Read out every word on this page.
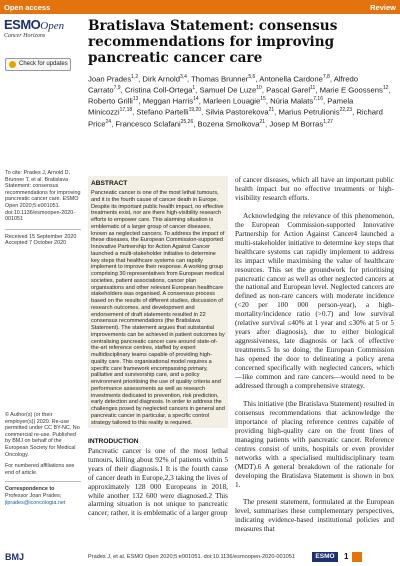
Open access	Review
ESMOOpen
Cancer Horizons
Check for updates
Bratislava Statement: consensus recommendations for improving pancreatic cancer care
Joan Prades$^{1,2}$, Dirk Arnold$^{3,4}$, Thomas Brunner$^{5,6}$, Antonella Cardone$^{7,8}$, Alfredo Carrato$^{7,9}$, Cristina Coll-Ortega$^1$, Samuel De Luze$^{10}$, Pascal Garel$^{11}$, Marie E Goossens$^{12}$, Roberto Grilli$^{13}$, Meggan Harris$^{14}$, Marleen Louagie$^{15}$, Núria Malats$^{7,16}$, Pamela Minicozzi$^{17,18}$, Stefano Partelli$^{19,20}$, Silvia Pastorekova$^{21}$, Marius Petrulionis$^{22,23}$, Richard Price$^{24}$, Francesco Sclafani$^{25,26}$, Bozena Smolkova$^{21}$, Josep M Borras$^{1,27}$

To cite: Prades J, Arnold D, Brunner T, et al. Bratislava Statement: consensus recommendations for improving pancreatic cancer care. ESMO Open 2020;5:e001051. doi:10.1136/esmoopen-2020-001051

Received 15 September 2020 Accepted 7 October 2020

© Author(s) (or their employer(s)) 2020. Re-use permitted under CC BY-NC. No commercial re-use. Published by BMJ on behalf of the European Society for Medical Oncology.

For numbered affiliations see end of article.

Correspondence to
Professor Joan Prades;
jlprades@iconcologia.net
ABSTRACT

Pancreatic cancer is one of the most lethal tumours, and it is the fourth cause of cancer death in Europe. Despite its important public health impact, no effective treatments exist, nor are there high-visibility research efforts to empower care. This alarming situation is emblematic of a larger group of cancer diseases, known as neglected cancers. To address the impact of these diseases, the European Commission-supported Innovative Partnership for Action Against Cancer launched a multi-stakeholder initiative to determine key steps that healthcare systems can rapidly implement to improve their response. A working group comprising 30 representatives from European medical societies, patient associations, cancer plan organisations and other relevant European healthcare stakeholders was organised. A consensus process based on the results of different studies, discussion of research outcomes, and development and endorsement of draft statements resulted in 22 consensus recommendations (the Bratislava Statement). The statement argues that substantial improvements can be achieved in patient outcomes by centralising pancreatic cancer care around state-of-the-art reference centres, staffed by expert multidisciplinary teams capable of providing high-quality care. This organisational model requires a specific care framework encompassing primary, palliative and survivorship care, and a policy environment prioritising the use of quality criteria and performance assessments as well as research investments dedicated to prevention, risk prediction, early detection and diagnosis. In order to address the challenges posed by neglected cancers in general and pancreatic cancer in particular, a specific control strategy tailored to this reality is required.

INTRODUCTION

Pancreatic cancer is one of the most lethal tumours, killing about 92% of patients within 5 years of their diagnosis.1 It is the fourth cause of cancer death in Europe,2,3 taking the lives of approximately 128 000 Europeans in 2018, while another 132 600 were diagnosed.2 This alarming situation is not unique to pancreatic cancer; rather, it is emblematic of a larger group

of cancer diseases, which all have an important public health impact but no effective treatments or high-visibility research efforts.

Acknowledging the relevance of this phenomenon, the European Commission-supported Innovative Partnership for Action Against Cancer4 launched a multi-stakeholder initiative to determine key steps that healthcare systems can rapidly implement to address its impact while maximising the value of healthcare resources. This set the groundwork for prioritising pancreatic cancer as well as other neglected cancers at the national and European level. Neglected cancers are defined as non-rare cancers with moderate incidence (<20 per 100 000 person-year), a high-mortality/incidence ratio (>0.7) and low survival (relative survival ≤40% at 1 year and ≤30% at 5 or 5 years after diagnosis), due to either biological aggressiveness, late diagnosis or lack of effective treatments.5 In so doing, the European Commission has opened the door to delineating a policy arena concerned specifically with neglected cancers, which—like common and rare cancers—would need to be addressed through a comprehensive strategy.

This initiative (the Bratislava Statement) resulted in consensus recommendations that acknowledge the importance of placing reference centres capable of providing high-quality care on the front lines of managing patients with pancreatic cancer. Reference centres consist of units, hospitals or even provider networks with a specialised multidisciplinary team (MDT).6 A general breakdown of the rationale for developing the Bratislava Statement is shown in box 1.

The present statement, formulated at the European level, summarises these complementary perspectives, indicating evidence-based institutional policies and measures that

BMJ	Prades J, et al. ESMO Open 2020;5:e001051. doi:10.1136/esmoopen-2020-001051	ESMO	1
